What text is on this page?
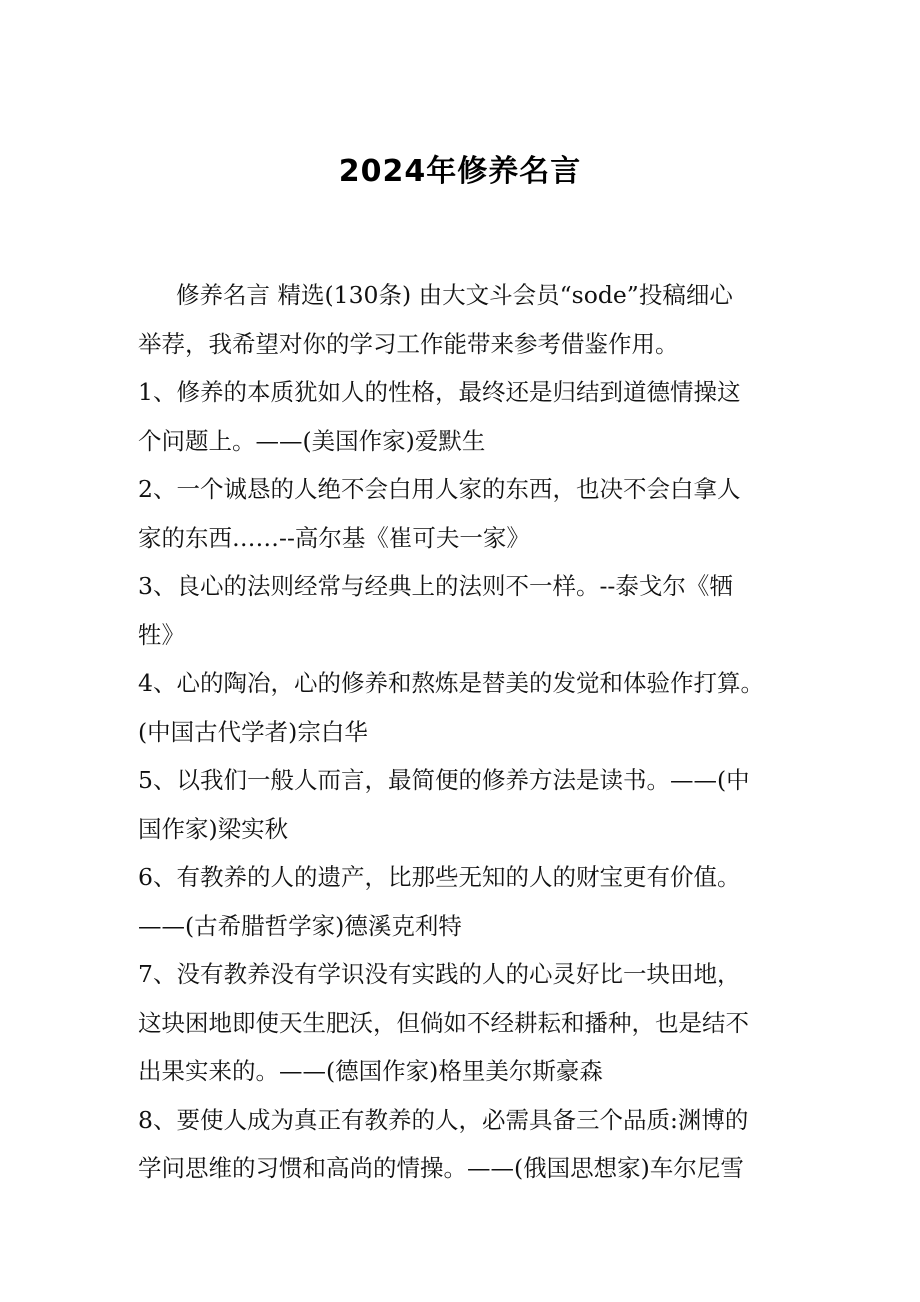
2024年修养名言
修养名言 精选(130条) 由大文斗会员“sode”投稿细心
举荐，我希望对你的学习工作能带来参考借鉴作用。
1、修养的本质犹如人的性格，最终还是归结到道德情操这
个问题上。——(美国作家)爱默生
2、一个诚恳的人绝不会白用人家的东西，也决不会白拿人
家的东西……--高尔基《崔可夫一家》
3、良心的法则经常与经典上的法则不一样。--泰戈尔《牺
牲》
4、心的陶冶，心的修养和熬炼是替美的发觉和体验作打算。
(中国古代学者)宗白华
5、以我们一般人而言，最简便的修养方法是读书。——(中
国作家)梁实秋
6、有教养的人的遗产，比那些无知的人的财宝更有价值。
——(古希腊哲学家)德溪克利特
7、没有教养没有学识没有实践的人的心灵好比一块田地，
这块困地即使天生肥沃，但倘如不经耕耘和播种，也是结不
出果实来的。——(德国作家)格里美尔斯豪森
8、要使人成为真正有教养的人，必需具备三个品质:渊博的
学问思维的习惯和高尚的情操。——(俄国思想家)车尔尼雪
